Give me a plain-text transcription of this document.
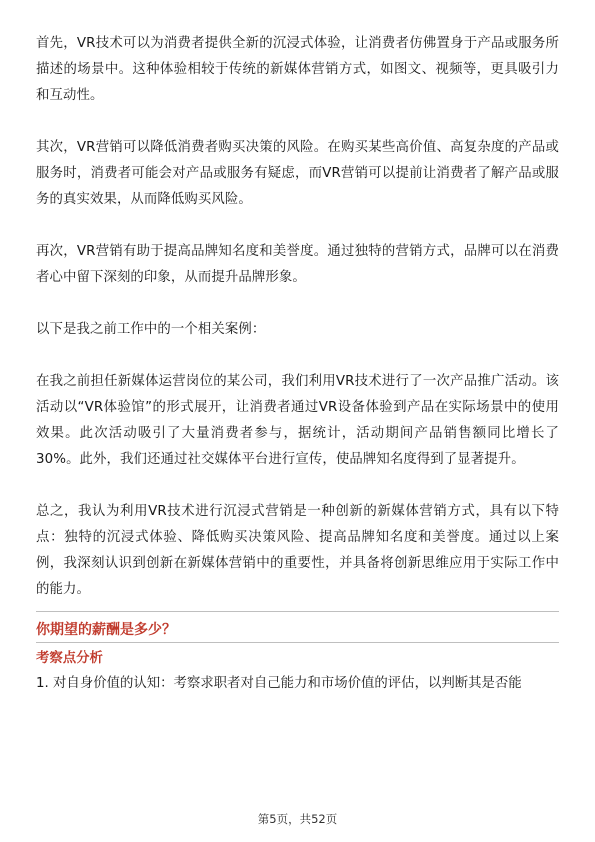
首先，VR技术可以为消费者提供全新的沉浸式体验，让消费者仿佛置身于产品或服务所描述的场景中。这种体验相较于传统的新媒体营销方式，如图文、视频等，更具吸引力和互动性。

其次，VR营销可以降低消费者购买决策的风险。在购买某些高价值、高复杂度的产品或服务时，消费者可能会对产品或服务有疑虑，而VR营销可以提前让消费者了解产品或服务的真实效果，从而降低购买风险。

再次，VR营销有助于提高品牌知名度和美誉度。通过独特的营销方式，品牌可以在消费者心中留下深刻的印象，从而提升品牌形象。

以下是我之前工作中的一个相关案例：

在我之前担任新媒体运营岗位的某公司，我们利用VR技术进行了一次产品推广活动。该活动以“VR体验馆”的形式展开，让消费者通过VR设备体验到产品在实际场景中的使用效果。此次活动吸引了大量消费者参与，据统计，活动期间产品销售额同比增长了30%。此外，我们还通过社交媒体平台进行宣传，使品牌知名度得到了显著提升。

总之，我认为利用VR技术进行沉浸式营销是一种创新的新媒体营销方式，具有以下特点：独特的沉浸式体验、降低购买决策风险、提高品牌知名度和美誉度。通过以上案例，我深刻认识到创新在新媒体营销中的重要性，并具备将创新思维应用于实际工作中的能力。

你期望的薪酬是多少？
考察点分析

1. 对自身价值的认知：考察求职者对自己能力和市场价值的评估，以判断其是否能

第5页，共52页
